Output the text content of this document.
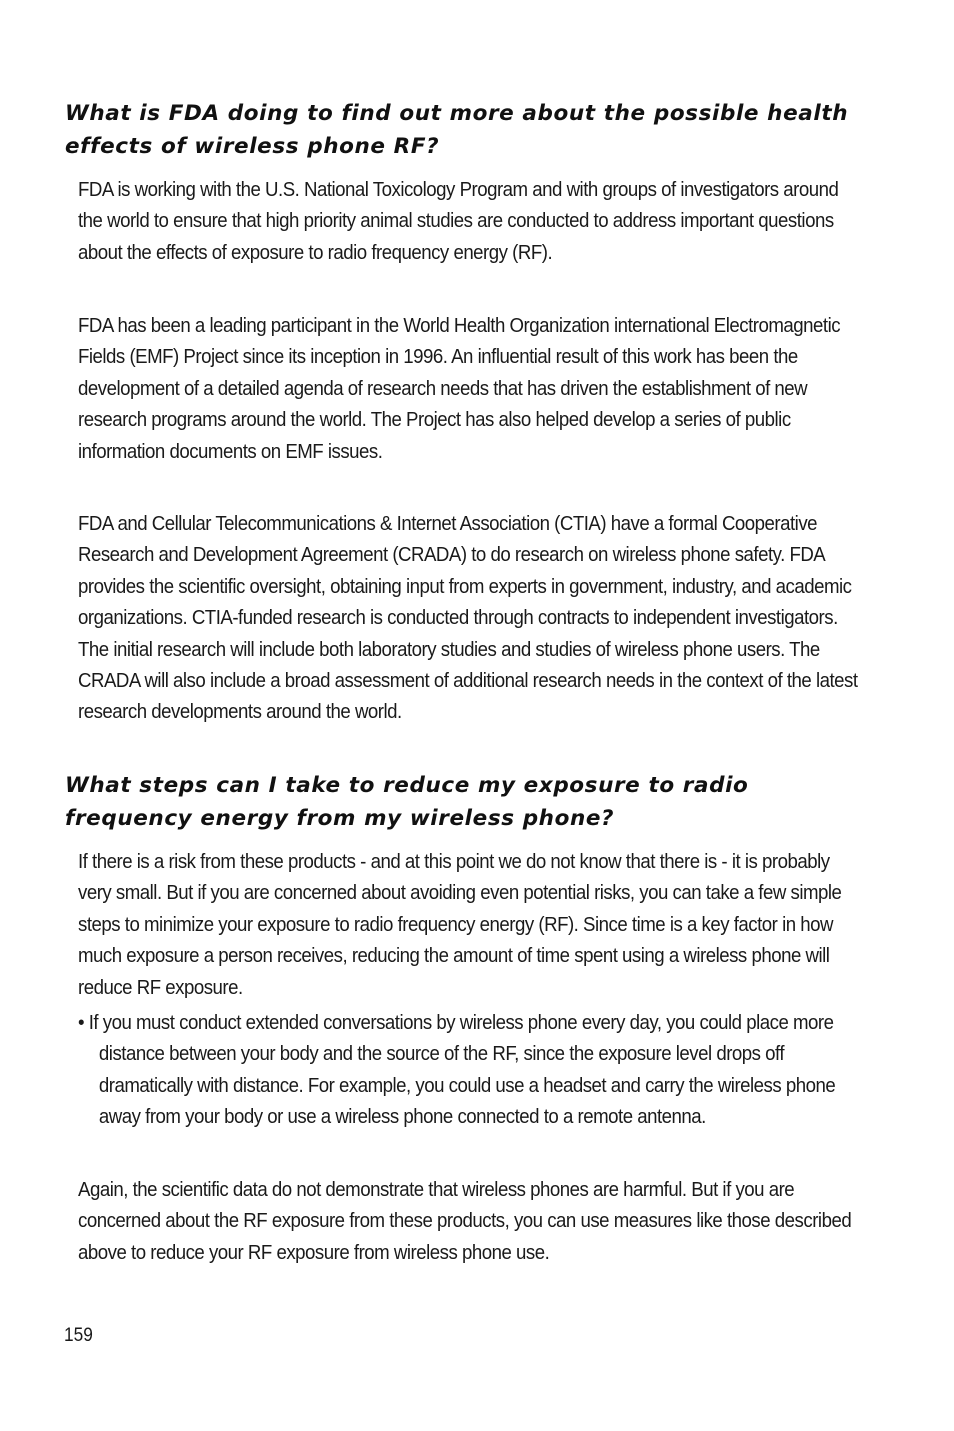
What is FDA doing to find out more about the possible health effects of wireless phone RF?

FDA is working with the U.S. National Toxicology Program and with groups of investigators around the world to ensure that high priority animal studies are conducted to address important questions about the effects of exposure to radio frequency energy (RF).

FDA has been a leading participant in the World Health Organization international Electromagnetic Fields (EMF) Project since its inception in 1996. An influential result of this work has been the development of a detailed agenda of research needs that has driven the establishment of new research programs around the world. The Project has also helped develop a series of public information documents on EMF issues.

FDA and Cellular Telecommunications & Internet Association (CTIA) have a formal Cooperative Research and Development Agreement (CRADA) to do research on wireless phone safety. FDA provides the scientific oversight, obtaining input from experts in government, industry, and academic organizations. CTIA-funded research is conducted through contracts to independent investigators. The initial research will include both laboratory studies and studies of wireless phone users. The CRADA will also include a broad assessment of additional research needs in the context of the latest research developments around the world.

What steps can I take to reduce my exposure to radio frequency energy from my wireless phone?

If there is a risk from these products - and at this point we do not know that there is - it is probably very small. But if you are concerned about avoiding even potential risks, you can take a few simple steps to minimize your exposure to radio frequency energy (RF). Since time is a key factor in how much exposure a person receives, reducing the amount of time spent using a wireless phone will reduce RF exposure.

• If you must conduct extended conversations by wireless phone every day, you could place more distance between your body and the source of the RF, since the exposure level drops off dramatically with distance. For example, you could use a headset and carry the wireless phone away from your body or use a wireless phone connected to a remote antenna.

Again, the scientific data do not demonstrate that wireless phones are harmful. But if you are concerned about the RF exposure from these products, you can use measures like those described above to reduce your RF exposure from wireless phone use.

159
